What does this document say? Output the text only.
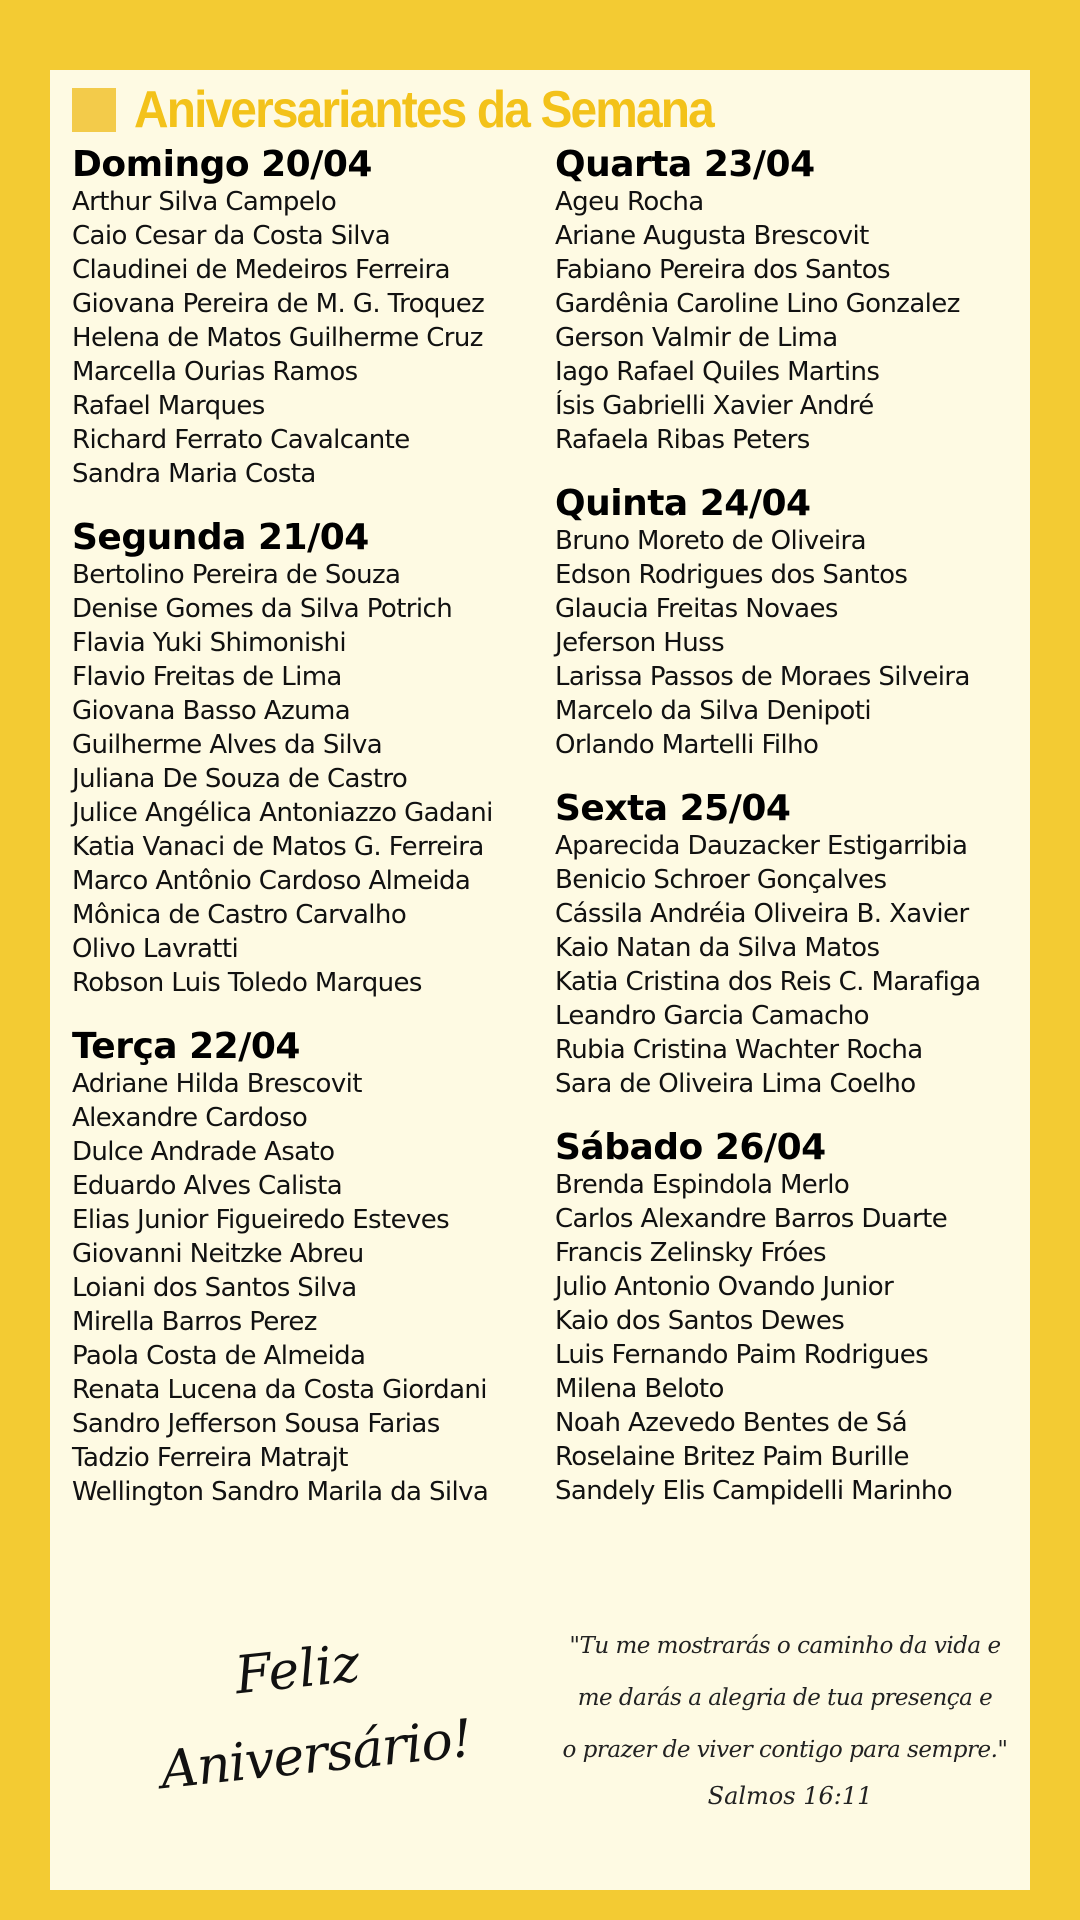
Aniversariantes da Semana
Domingo 20/04
Arthur Silva Campelo
Caio Cesar da Costa Silva
Claudinei de Medeiros Ferreira
Giovana Pereira de M. G. Troquez
Helena de Matos Guilherme Cruz
Marcella Ourias Ramos
Rafael Marques
Richard Ferrato Cavalcante
Sandra Maria Costa
Segunda 21/04
Bertolino Pereira de Souza
Denise Gomes da Silva Potrich
Flavia Yuki Shimonishi
Flavio Freitas de Lima
Giovana Basso Azuma
Guilherme Alves da Silva
Juliana De Souza de Castro
Julice Angélica Antoniazzo Gadani
Katia Vanaci de Matos G. Ferreira
Marco Antônio Cardoso Almeida
Mônica de Castro Carvalho
Olivo Lavratti
Robson Luis Toledo Marques
Terça 22/04
Adriane Hilda Brescovit
Alexandre Cardoso
Dulce Andrade Asato
Eduardo Alves Calista
Elias Junior Figueiredo Esteves
Giovanni Neitzke Abreu
Loiani dos Santos Silva
Mirella Barros Perez
Paola Costa de Almeida
Renata Lucena da Costa Giordani
Sandro Jefferson Sousa Farias
Tadzio Ferreira Matrajt
Wellington Sandro Marila da Silva
Quarta 23/04
Ageu Rocha
Ariane Augusta Brescovit
Fabiano Pereira dos Santos
Gardênia Caroline Lino Gonzalez
Gerson Valmir de Lima
Iago Rafael Quiles Martins
Ísis Gabrielli Xavier André
Rafaela Ribas Peters
Quinta 24/04
Bruno Moreto de Oliveira
Edson Rodrigues dos Santos
Glaucia Freitas Novaes
Jeferson Huss
Larissa Passos de Moraes Silveira
Marcelo da Silva Denipoti
Orlando Martelli Filho
Sexta 25/04
Aparecida Dauzacker Estigarribia
Benicio Schroer Gonçalves
Cássila Andréia Oliveira B. Xavier
Kaio Natan da Silva Matos
Katia Cristina dos Reis C. Marafiga
Leandro Garcia Camacho
Rubia Cristina Wachter Rocha
Sara de Oliveira Lima Coelho
Sábado 26/04
Brenda Espindola Merlo
Carlos Alexandre Barros Duarte
Francis Zelinsky Fróes
Julio Antonio Ovando Junior
Kaio dos Santos Dewes
Luis Fernando Paim Rodrigues
Milena Beloto
Noah Azevedo Bentes de Sá
Roselaine Britez Paim Burille
Sandely Elis Campidelli Marinho
Feliz
Aniversário!
"Tu me mostrarás o caminho da vida e
me darás a alegria de tua presença e
o prazer de viver contigo para sempre."
Salmos 16:11
